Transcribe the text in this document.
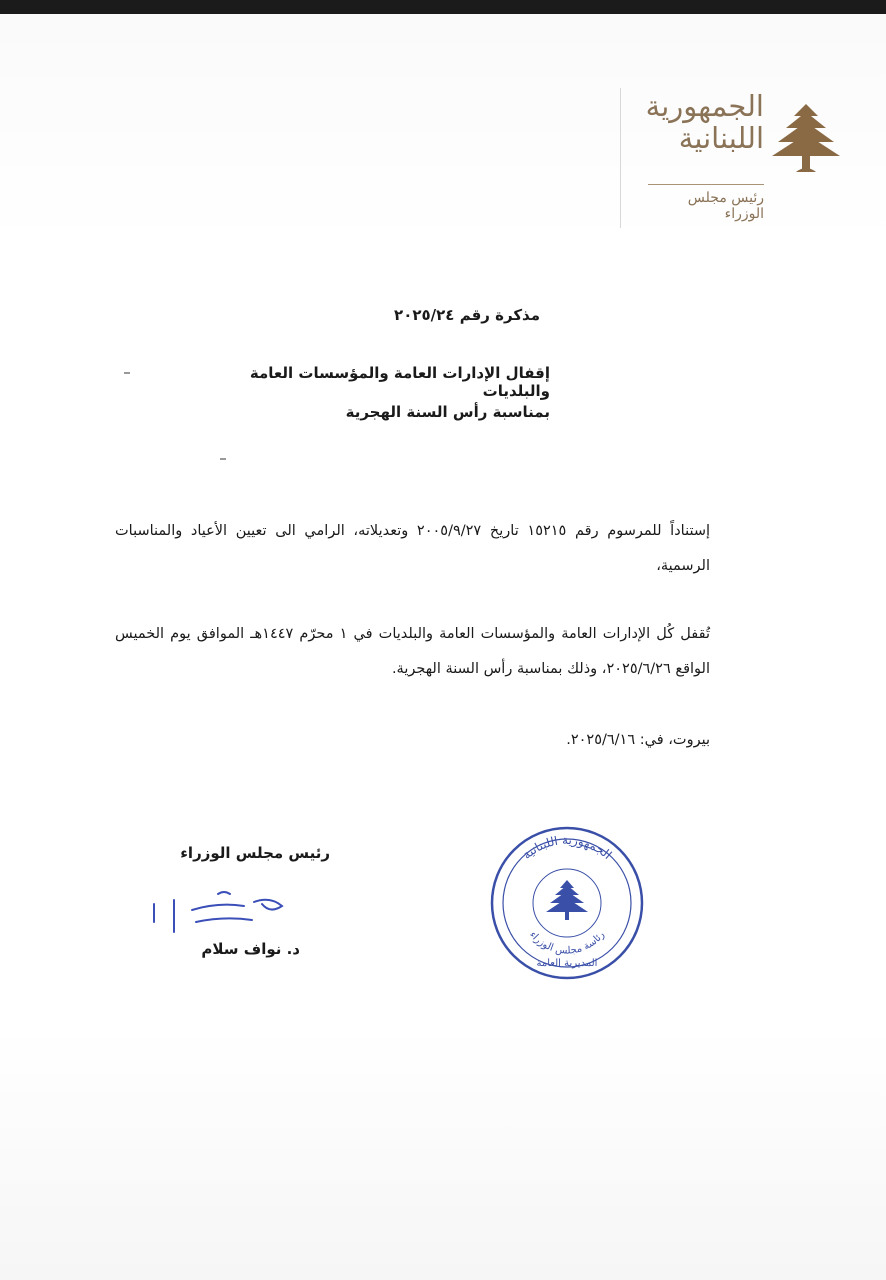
الجمهورية اللبنانية
رئيس مجلس الوزراء
مذكرة رقم ٢٠٢٥/٢٤
إقفال الإدارات العامة والمؤسسات العامة والبلديات
بمناسبة رأس السنة الهجرية
إستناداً للمرسوم رقم ١٥٢١٥ تاريخ ٢٠٠٥/٩/٢٧ وتعديلاته، الرامي الى تعيين الأعياد والمناسبات الرسمية،
تُقفل كُل الإدارات العامة والمؤسسات العامة والبلديات في ١ محرّم ١٤٤٧هـ الموافق يوم الخميس الواقع ٢٠٢٥/٦/٢٦، وذلك بمناسبة رأس السنة الهجرية.
بيروت، في: ٢٠٢٥/٦/١٦.
رئيس مجلس الوزراء
د. نواف سلام
الجمهورية اللبنانية
رئاسة مجلس الوزراء
المديرية العامة
